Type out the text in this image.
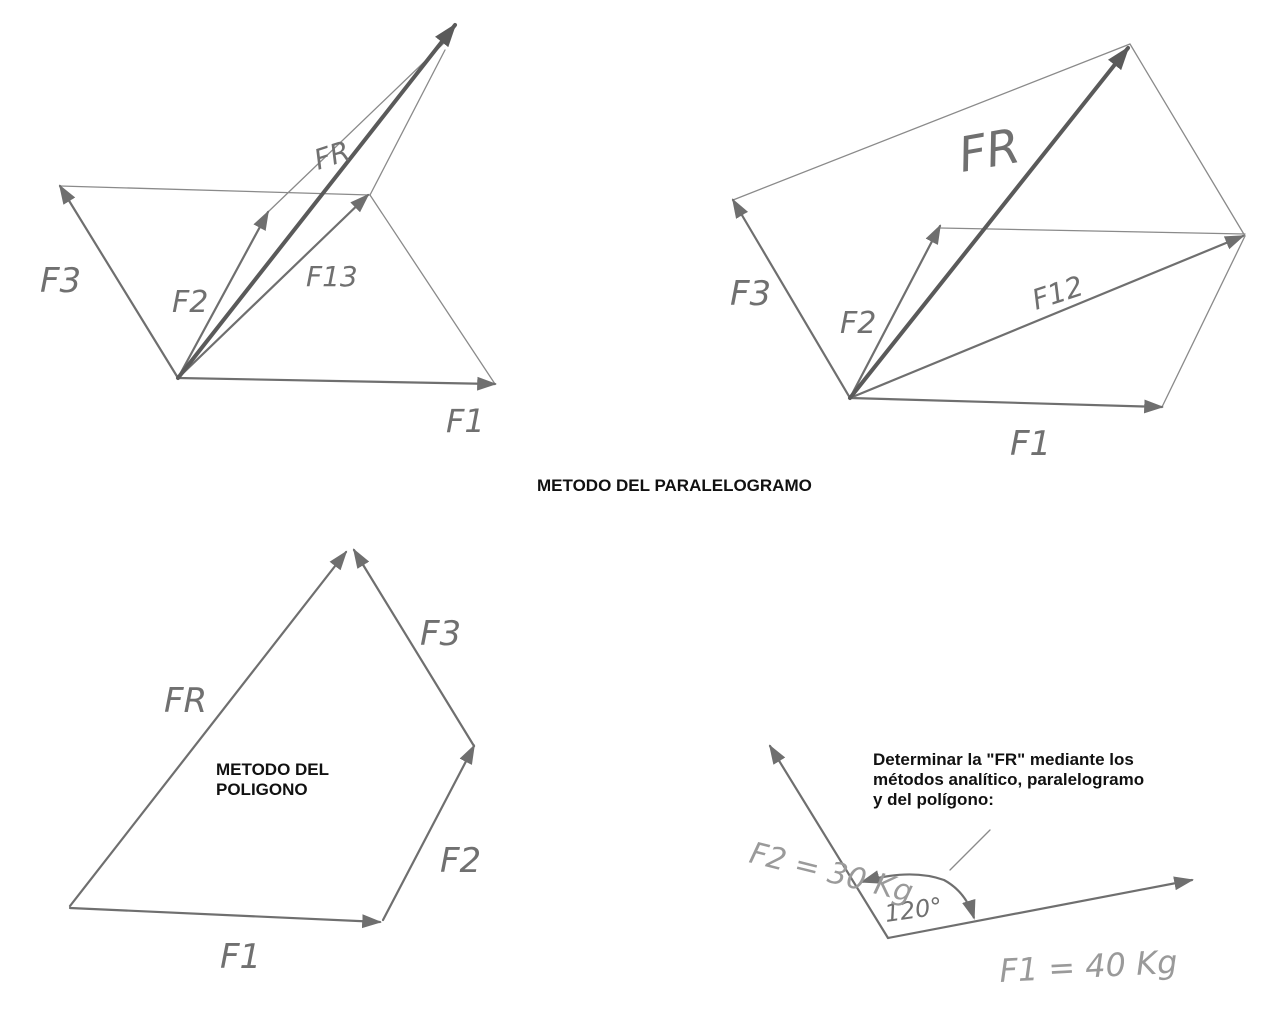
F3
F2
FR
F13
F1
FR
F3
F2
F12
F1
FR
F3
F2
F1
120°
F2 = 30 Kg
F1 = 40 Kg
METODO DEL PARALELOGRAMO
METODO DEL
POLIGONO
Determinar la "FR" mediante los
métodos analítico, paralelogramo
y del polígono:
